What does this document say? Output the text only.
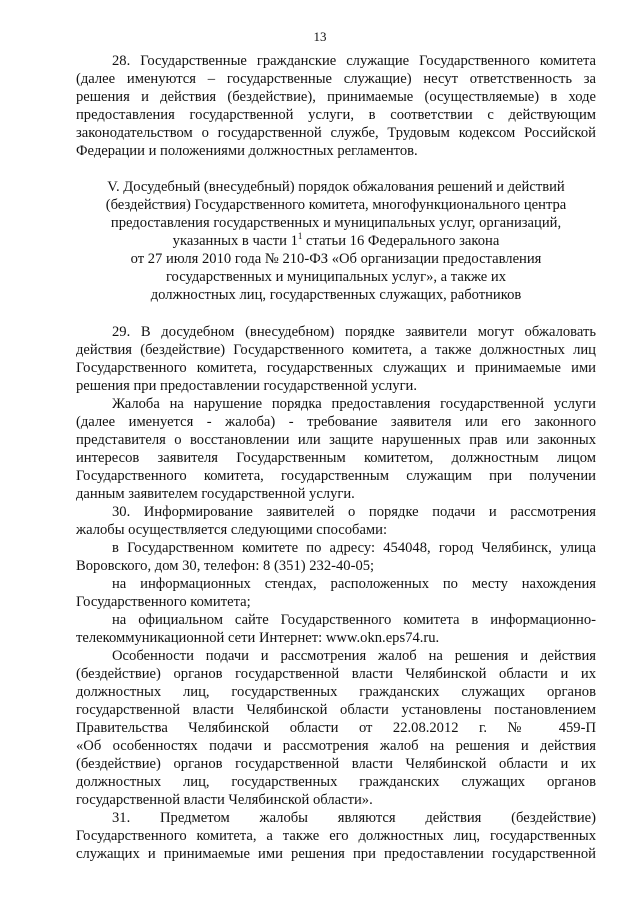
13
28. Государственные гражданские служащие Государственного комитета
(далее именуются – государственные служащие) несут ответственность за
решения и действия (бездействие), принимаемые (осуществляемые) в ходе
предоставления государственной услуги, в соответствии с действующим
законодательством о государственной службе, Трудовым кодексом Российской
Федерации и положениями должностных регламентов.
V. Досудебный (внесудебный) порядок обжалования решений и действий
(бездействия) Государственного комитета, многофункционального центра
предоставления государственных и муниципальных услуг, организаций,
указанных в части $1^1$ статьи 16 Федерального закона
от 27 июля 2010 года № 210-ФЗ «Об организации предоставления
государственных и муниципальных услуг», а также их
должностных лиц, государственных служащих, работников
29. В досудебном (внесудебном) порядке заявители могут обжаловать
действия (бездействие) Государственного комитета, а также должностных лиц
Государственного комитета, государственных служащих и принимаемые ими
решения при предоставлении государственной услуги.
Жалоба на нарушение порядка предоставления государственной услуги
(далее именуется - жалоба) - требование заявителя или его законного
представителя о восстановлении или защите нарушенных прав или законных
интересов заявителя Государственным комитетом, должностным лицом
Государственного комитета, государственным служащим при получении
данным заявителем государственной услуги.
30. Информирование заявителей о порядке подачи и рассмотрения
жалобы осуществляется следующими способами:
в Государственном комитете по адресу: 454048, город Челябинск, улица
Воровского, дом 30, телефон: 8 (351) 232-40-05;
на информационных стендах, расположенных по месту нахождения
Государственного комитета;
на официальном сайте Государственного комитета в информационно-
телекоммуникационной сети Интернет: www.okn.eps74.ru.
Особенности подачи и рассмотрения жалоб на решения и действия
(бездействие) органов государственной власти Челябинской области и их
должностных лиц, государственных гражданских служащих органов
государственной власти Челябинской области установлены постановлением
Правительства Челябинской области от 22.08.2012 г. № 459-П
«Об особенностях подачи и рассмотрения жалоб на решения и действия
(бездействие) органов государственной власти Челябинской области и их
должностных лиц, государственных гражданских служащих органов
государственной власти Челябинской области».
31. Предметом жалобы являются действия (бездействие)
Государственного комитета, а также его должностных лиц, государственных
служащих и принимаемые ими решения при предоставлении государственной
